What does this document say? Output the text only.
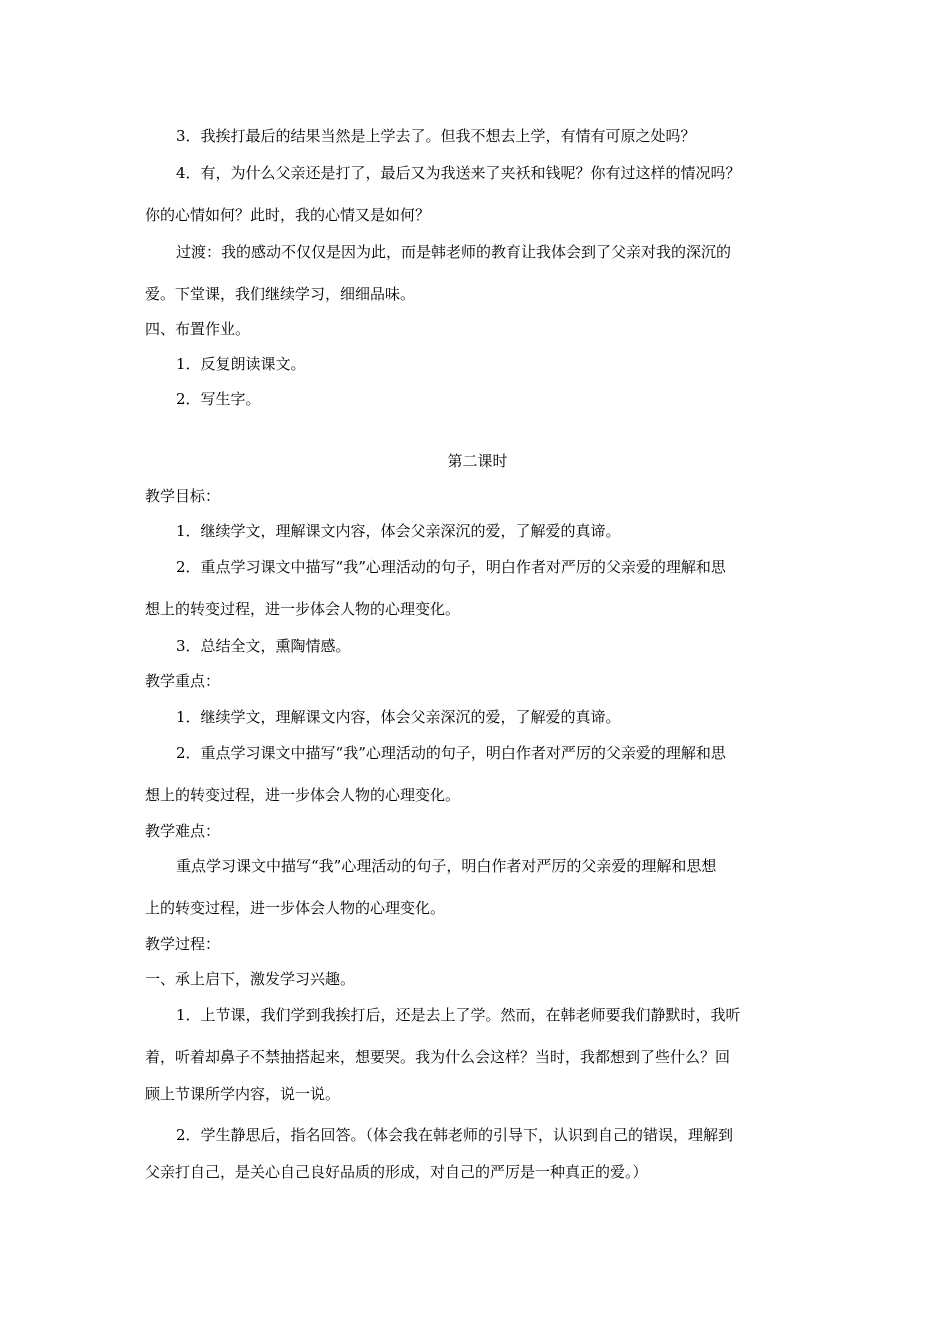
3．我挨打最后的结果当然是上学去了。但我不想去上学，有情有可原之处吗？
4．有，为什么父亲还是打了，最后又为我送来了夹袄和钱呢？你有过这样的情况吗？
你的心情如何？此时，我的心情又是如何？
过渡：我的感动不仅仅是因为此，而是韩老师的教育让我体会到了父亲对我的深沉的
爱。下堂课，我们继续学习，细细品味。
四、布置作业。
1．反复朗读课文。
2．写生字。
第二课时
教学目标：
1．继续学文，理解课文内容，体会父亲深沉的爱，了解爱的真谛。
2．重点学习课文中描写“我”心理活动的句子，明白作者对严厉的父亲爱的理解和思
想上的转变过程，进一步体会人物的心理变化。
3．总结全文，熏陶情感。
教学重点：
1．继续学文，理解课文内容，体会父亲深沉的爱，了解爱的真谛。
2．重点学习课文中描写“我”心理活动的句子，明白作者对严厉的父亲爱的理解和思
想上的转变过程，进一步体会人物的心理变化。
教学难点：
重点学习课文中描写“我”心理活动的句子，明白作者对严厉的父亲爱的理解和思想
上的转变过程，进一步体会人物的心理变化。
教学过程：
一、承上启下，激发学习兴趣。
1．上节课，我们学到我挨打后，还是去上了学。然而，在韩老师要我们静默时，我听
着，听着却鼻子不禁抽搭起来，想要哭。我为什么会这样？当时，我都想到了些什么？回
顾上节课所学内容，说一说。
2．学生静思后，指名回答。（体会我在韩老师的引导下，认识到自己的错误，理解到
父亲打自己，是关心自己良好品质的形成，对自己的严厉是一种真正的爱。）
